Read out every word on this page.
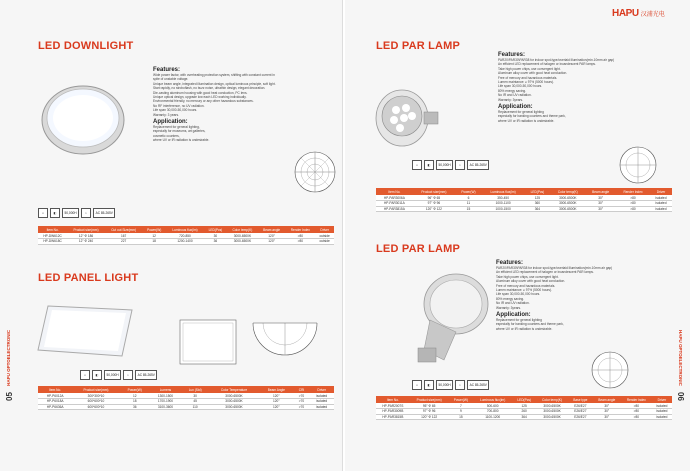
LED DOWNLIGHT
Features:
Wide power factor, with overheating protection system, shifting with constant current in
spite of unstable voltage.
Unique beam angle, integrated illumination design, optical luminous principle, soft light.
Start rapidly, no stroboflash, no buzz noise, ultrathin design, elegant decoration.
Die-casting aluminum housing with good heat conduction, PC lens.
Unique optical design, upgrade low each LED working individually.
Environmental friendly, no mercury or any other hazardous substances.
No RF interference, no UV radiation.
Life span 30,000-50,000 hours.
Warranty: 3 years.
Application:
Replacement for general lighting,
especially for museums, art galleries,
cosmetic counters,
where UV or IR radiation is undesirable.
⌂	◧	50,000H	♁	AC 85-265V
Item No.	Product size(mm)	Cut out Size(mm)	Power(W)	Luminous flux(lm)	LED(Pcs)	Color temp(K)	Beam angle	Render Index	Driver
HP-DW612C	12" Φ 186	167	12	720-850	30	3000-6500K	120°	>80	outside
HP-DW618C	12" Φ 240	227	18	1200-1400	36	3000-6500K	120°	>80	outside
LED PANEL LIGHT
⌂	◧	50,000H	♁	AC 85-265V
Item No.	Product size(mm)	Power(W)	Lumens	Lux (Std)	Color Temperature	Beam Angle	CRI	Driver
HP-P6012A	300*300*10	12	1300-1500	30	3000-6500K	120°	>70	isolated
HP-P6018A	600*600*10	18	1700-1900	45	3000-6500K	120°	>70	isolated
HP-P6636A	600*600*10	36	3100-3600	110	3000-6500K	120°	>70	isolated
HAPU OPTOELECTRONIC
05
HAPU 汉浦光电
LED PAR LAMP
Features:
PAR20\PAR30\PAR38 for indoor spot-type/overlaid illumination(min.10mm air gap)
An efficient LED replacement of halogen or incandescent PAR lamps.
Take high power chips, use convergent light.
Aluminum alloy cover with good heat conduction.
Free of mercury and hazardous materials.
Lumen maintance: ≥ 97% (5000 hours).
Life span 30,000-50,000 hours.
80% energy saving.
No IR and UV radiation.
Warranty: 3years.
Application:
Replacement for general lighting
especially for banking counters and theme park,
where UV or IR radiation is undesirable.
⌂	◧	50,000H	♁	AC 85-265V
Item No.	Product size(mm)	Power(W)	Luminous flux(lm)	LED(Pcs)	Color temp(K)	Beam angle	Render Index	Driver
HP-PAR3006A	96" Φ 65	6	350-450	125	3000-6500K	30°	>80	isolated
HP-PAR3011A	97" Φ 96	11	1000-1100	360	3000-6500K	30°	>80	isolated
HP-PAR3815A	120" Φ 122	15	1000-1500	364	3000-6500K	30°	>80	isolated
LED PAR LAMP
Features:
PAR20\PAR30\PAR38 for indoor spot-type/overlaid illumination(min.10mm air gap)
An efficient LED replacement of halogen or incandescent PAR lamps.
Take high power chips, use convergent light.
Aluminum alloy cover with good heat conduction.
Free of mercury and hazardous materials.
Lumen maintance: ≥ 97% (5000 hours).
Life span 30,000-50,000 hours.
80% energy saving.
No IR and UV radiation.
Warranty: 3years.
Application:
Replacement for general lighting
especially for banking counters and theme park,
where UV or IR radiation is undesirable.
⌂	◧	50,000H	♁	AC 85-265V
Item No.	Product size(mm)	Power(W)	Luminous flux(lm)	LED(Pcs)	Color temp(K)	Base type	Beam angle	Render index	Driver
HP-PAR2007S	95" Φ 65	7	500-600	125	3000-6500K	E26/E27	30°	>80	isolated
HP-PAR3009B	97" Φ 96	9	700-800	260	3000-6500K	E26/E27	30°	>80	isolated
HP-PAR3815B	120" Φ 122	15	1100-1200	364	3000-6500K	E26/E27	30°	>80	isolated
HAPU OPTOELECTRONIC
06
